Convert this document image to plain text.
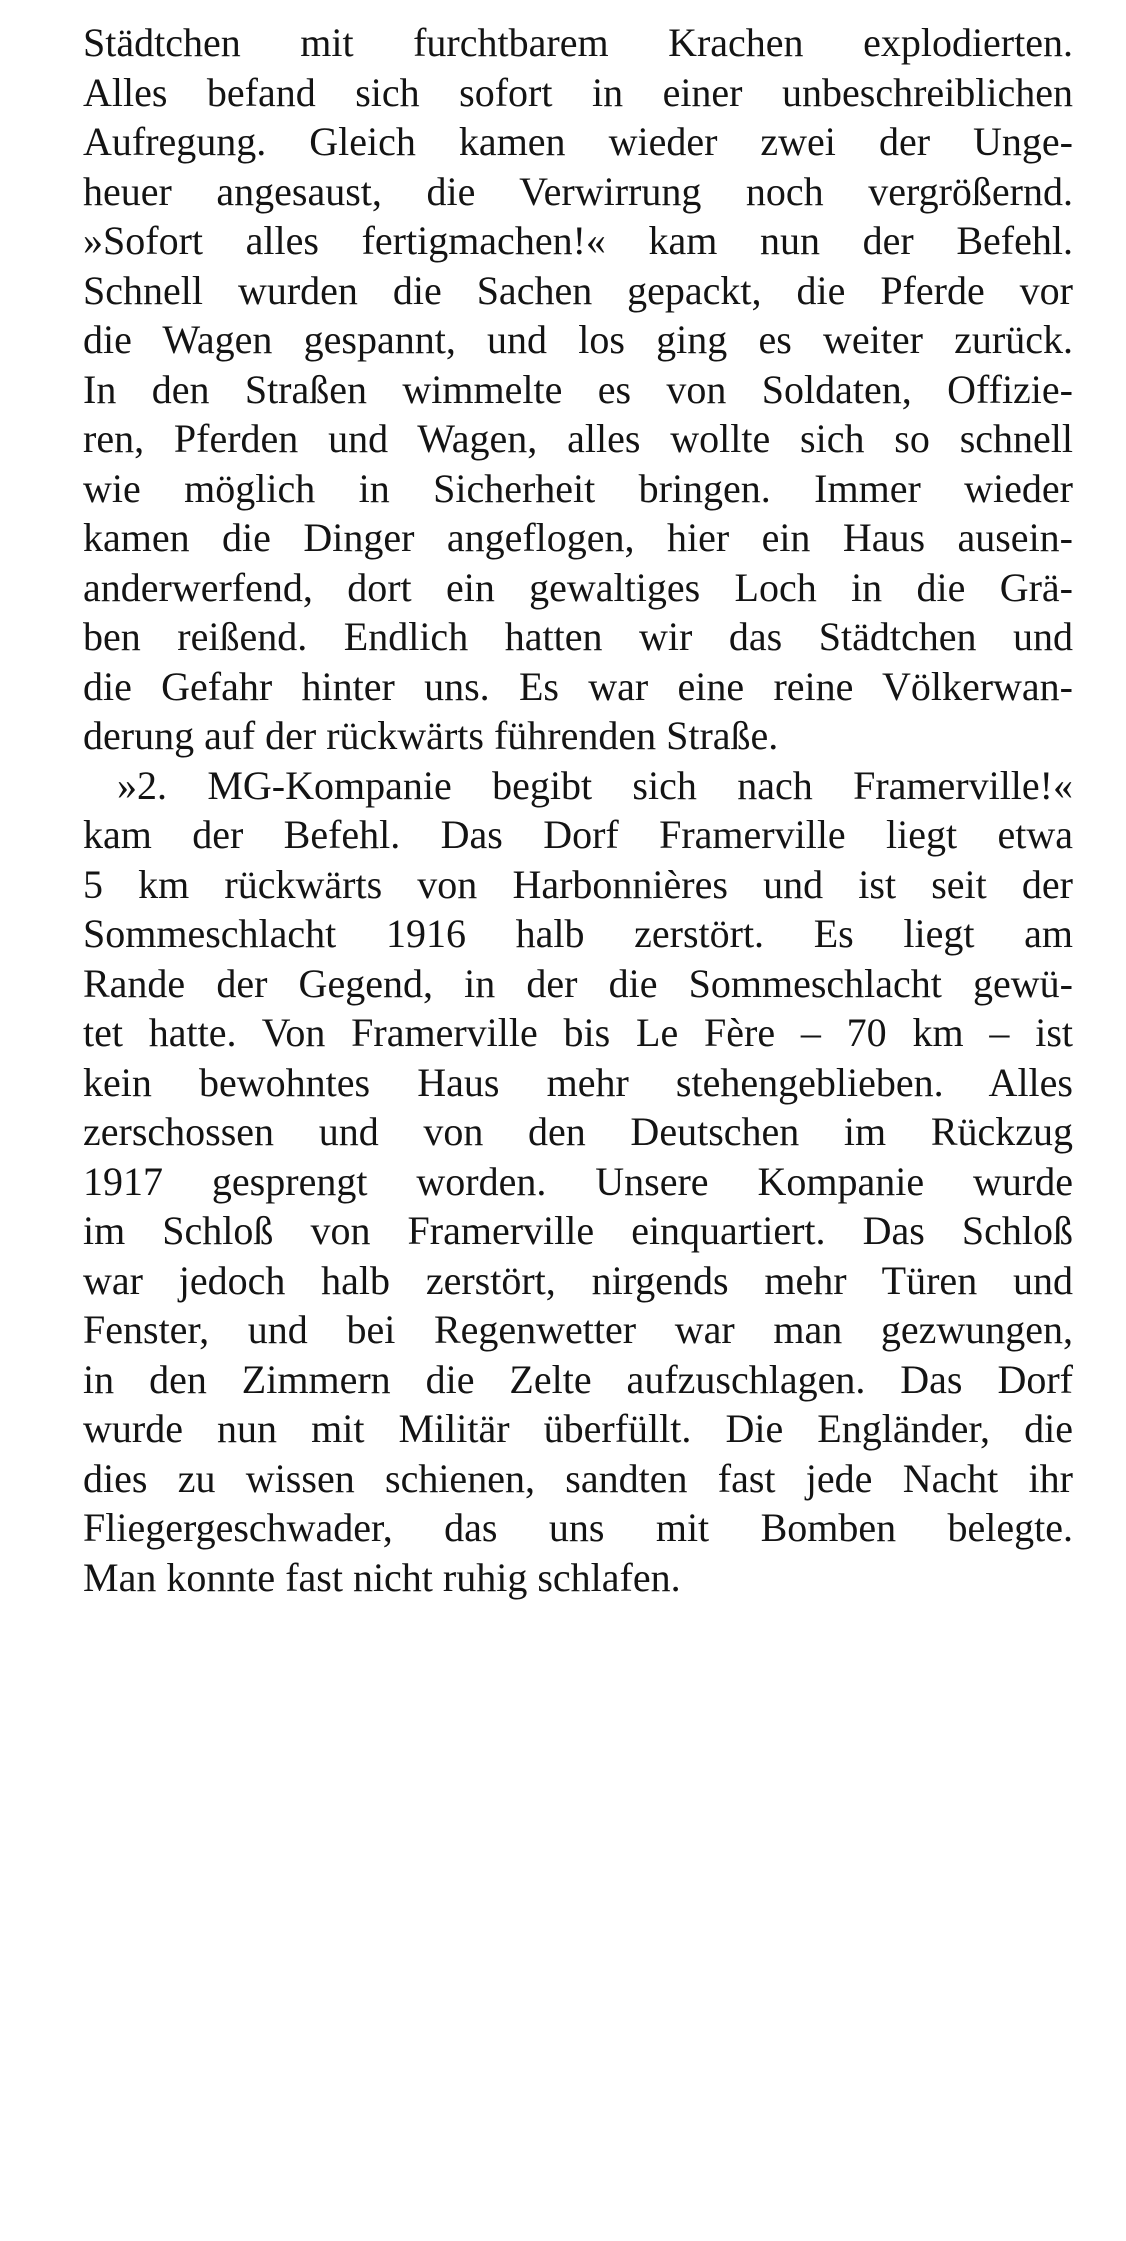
Städtchen mit furchtbarem Krachen explodierten.
Alles befand sich sofort in einer unbeschreiblichen
Aufregung. Gleich kamen wieder zwei der Unge-
heuer angesaust, die Verwirrung noch vergrößernd.
»Sofort alles fertigmachen!« kam nun der Befehl.
Schnell wurden die Sachen gepackt, die Pferde vor
die Wagen gespannt, und los ging es weiter zurück.
In den Straßen wimmelte es von Soldaten, Offizie-
ren, Pferden und Wagen, alles wollte sich so schnell
wie möglich in Sicherheit bringen. Immer wieder
kamen die Dinger angeflogen, hier ein Haus ausein-
anderwerfend, dort ein gewaltiges Loch in die Grä-
ben reißend. Endlich hatten wir das Städtchen und
die Gefahr hinter uns. Es war eine reine Völkerwan-
derung auf der rückwärts führenden Straße.
»2. MG-Kompanie begibt sich nach Framerville!«
kam der Befehl. Das Dorf Framerville liegt etwa
5 km rückwärts von Harbonnières und ist seit der
Sommeschlacht 1916 halb zerstört. Es liegt am
Rande der Gegend, in der die Sommeschlacht gewü-
tet hatte. Von Framerville bis Le Fère – 70 km – ist
kein bewohntes Haus mehr stehengeblieben. Alles
zerschossen und von den Deutschen im Rückzug
1917 gesprengt worden. Unsere Kompanie wurde
im Schloß von Framerville einquartiert. Das Schloß
war jedoch halb zerstört, nirgends mehr Türen und
Fenster, und bei Regenwetter war man gezwungen,
in den Zimmern die Zelte aufzuschlagen. Das Dorf
wurde nun mit Militär überfüllt. Die Engländer, die
dies zu wissen schienen, sandten fast jede Nacht ihr
Fliegergeschwader, das uns mit Bomben belegte.
Man konnte fast nicht ruhig schlafen.
